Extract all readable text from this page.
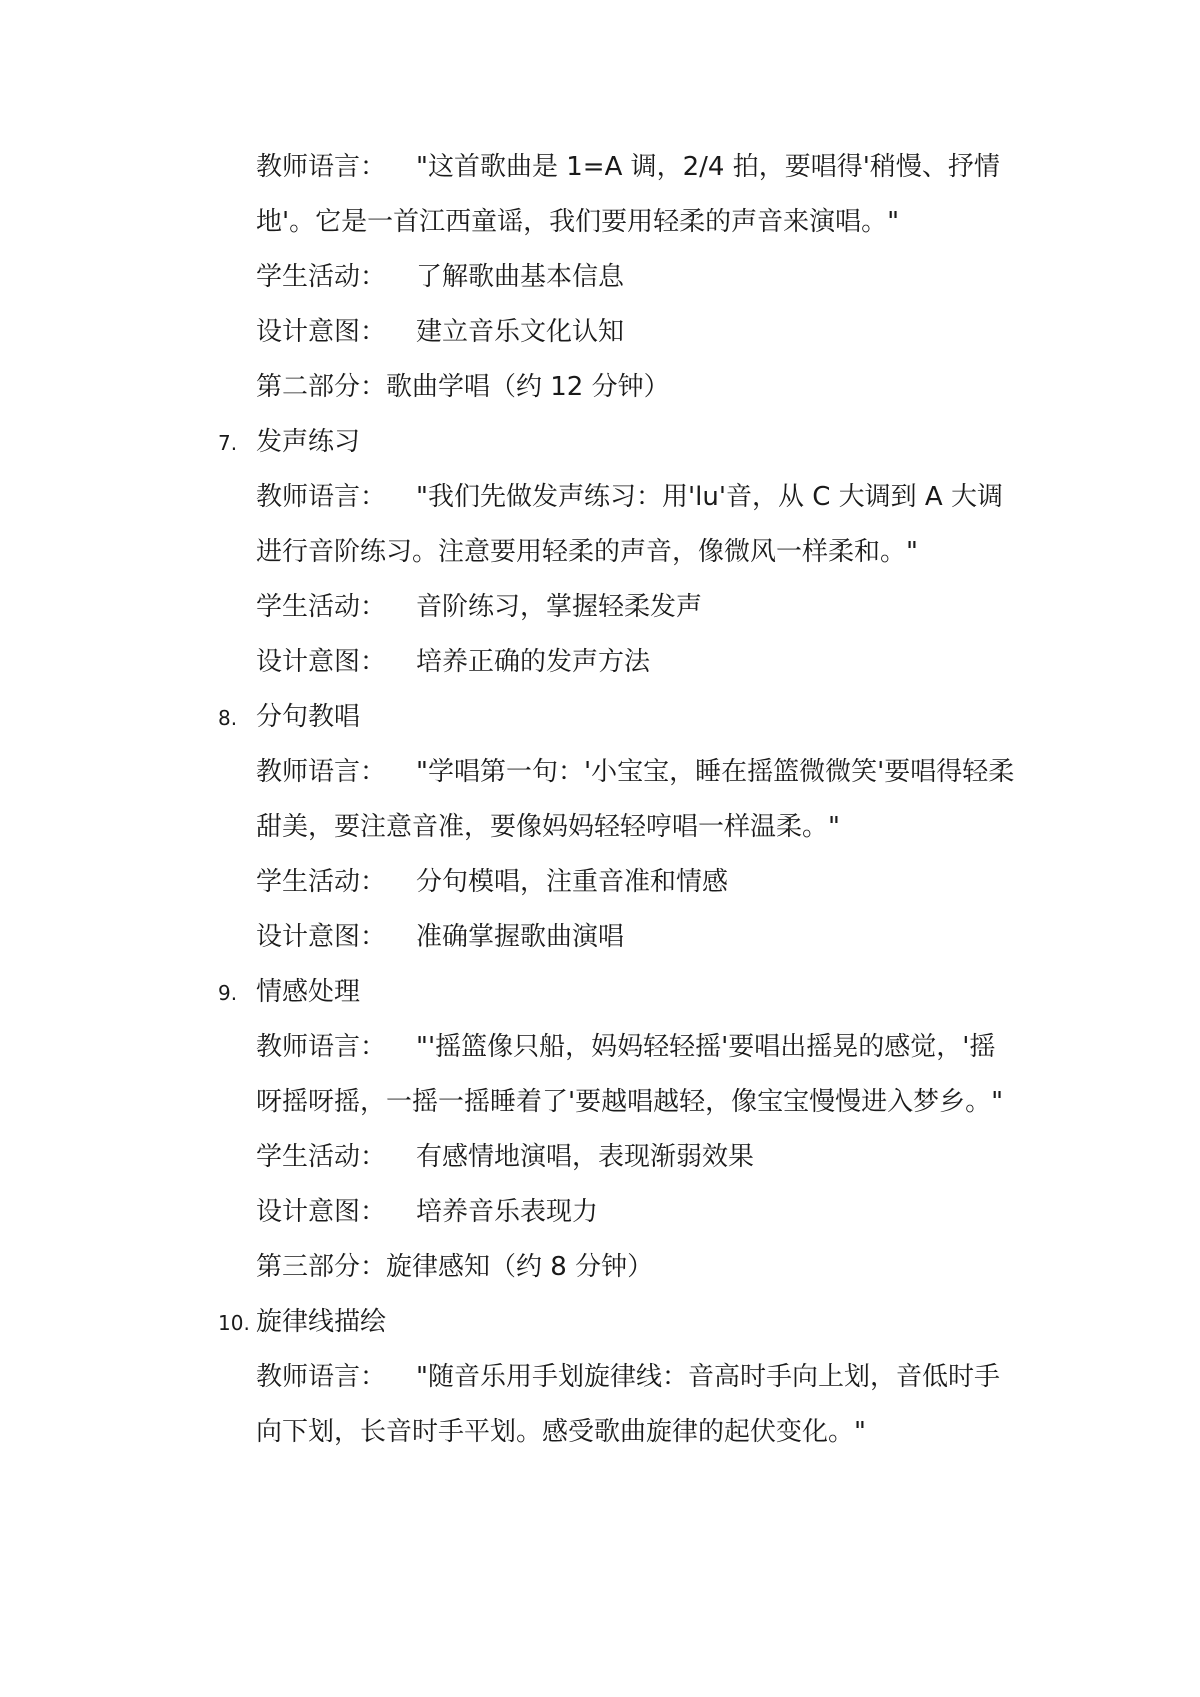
教师语言： "这首歌曲是 1=A 调，2/4 拍，要唱得'稍慢、抒情地'。它是一首江西童谣，我们要用轻柔的声音来演唱。"

学生活动： 了解歌曲基本信息

设计意图： 建立音乐文化认知

第二部分：歌曲学唱（约 12 分钟）

7. 发声练习

教师语言： "我们先做发声练习：用'lu'音，从 C 大调到 A 大调进行音阶练习。注意要用轻柔的声音，像微风一样柔和。"

学生活动： 音阶练习，掌握轻柔发声

设计意图： 培养正确的发声方法

8. 分句教唱

教师语言： "学唱第一句：'小宝宝，睡在摇篮微微笑'要唱得轻柔甜美，要注意音准，要像妈妈轻轻哼唱一样温柔。"

学生活动： 分句模唱，注重音准和情感

设计意图： 准确掌握歌曲演唱

9. 情感处理

教师语言： "'摇篮像只船，妈妈轻轻摇'要唱出摇晃的感觉，'摇呀摇呀摇，一摇一摇睡着了'要越唱越轻，像宝宝慢慢进入梦乡。"

学生活动： 有感情地演唱，表现渐弱效果

设计意图： 培养音乐表现力

第三部分：旋律感知（约 8 分钟）

10. 旋律线描绘

教师语言： "随音乐用手划旋律线：音高时手向上划，音低时手向下划，长音时手平划。感受歌曲旋律的起伏变化。"
